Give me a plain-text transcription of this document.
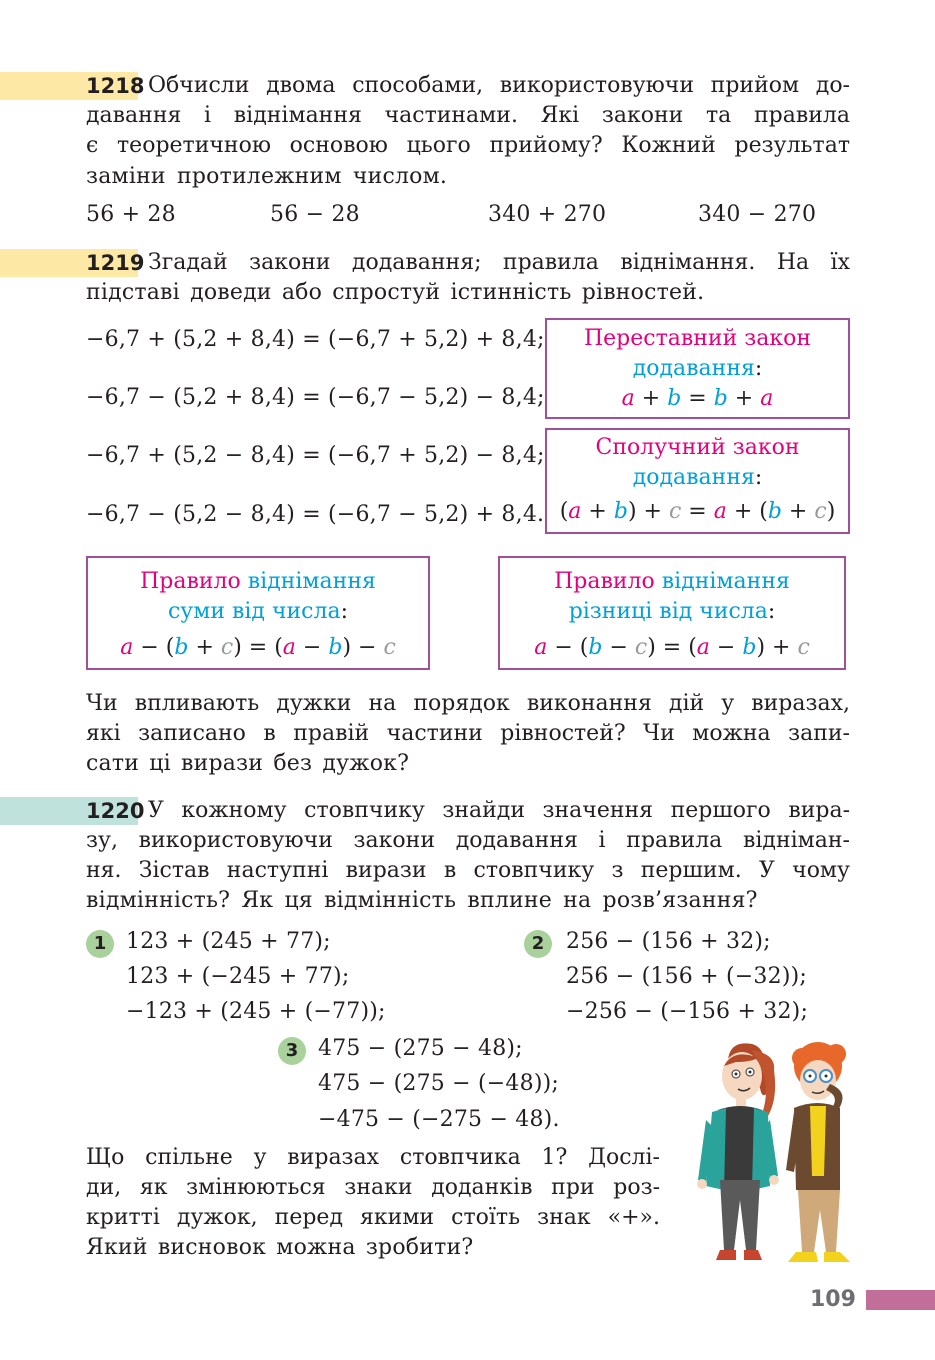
1218 Обчисли двома способами, використовуючи прийом до-
давання і віднімання частинами. Які закони та правила
є теоретичною основою цього прийому? Кожний результат
заміни протилежним числом.
56 + 28	56 − 28	340 + 270	340 − 270
1219 Згадай закони додавання; правила віднімання. На їх
підставі доведи або спростуй істинність рівностей.
−6,7 + (5,2 + 8,4) = (−6,7 + 5,2) + 8,4;
−6,7 − (5,2 + 8,4) = (−6,7 − 5,2) − 8,4;
−6,7 + (5,2 − 8,4) = (−6,7 + 5,2) − 8,4;
−6,7 − (5,2 − 8,4) = (−6,7 − 5,2) + 8,4.
Переставний закон
додавання:
a + b = b + a
Сполучний закон
додавання:
(a + b) + c = a + (b + c)
Правило віднімання
суми від числа:
a − (b + c) = (a − b) − c
Правило віднімання
різниці від числа:
a − (b − c) = (a − b) + c
Чи впливають дужки на порядок виконання дій у виразах,
які записано в правій частини рівностей? Чи можна запи-
сати ці вирази без дужок?
1220 У кожному стовпчику знайди значення першого вира-
зу, використовуючи закони додавання і правила відніман-
ня. Зістав наступні вирази в стовпчику з першим. У чому
відмінність? Як ця відмінність вплине на розв’язання?
1 123 + (245 + 77);
123 + (−245 + 77);
−123 + (245 + (−77));
2 256 − (156 + 32);
256 − (156 + (−32));
−256 − (−156 + 32);
3 475 − (275 − 48);
475 − (275 − (−48));
−475 − (−275 − 48).
Що спільне у виразах стовпчика 1? Дослі-
ди, як змінюються знаки доданків при роз-
критті дужок, перед якими стоїть знак «+».
Який висновок можна зробити?
109
